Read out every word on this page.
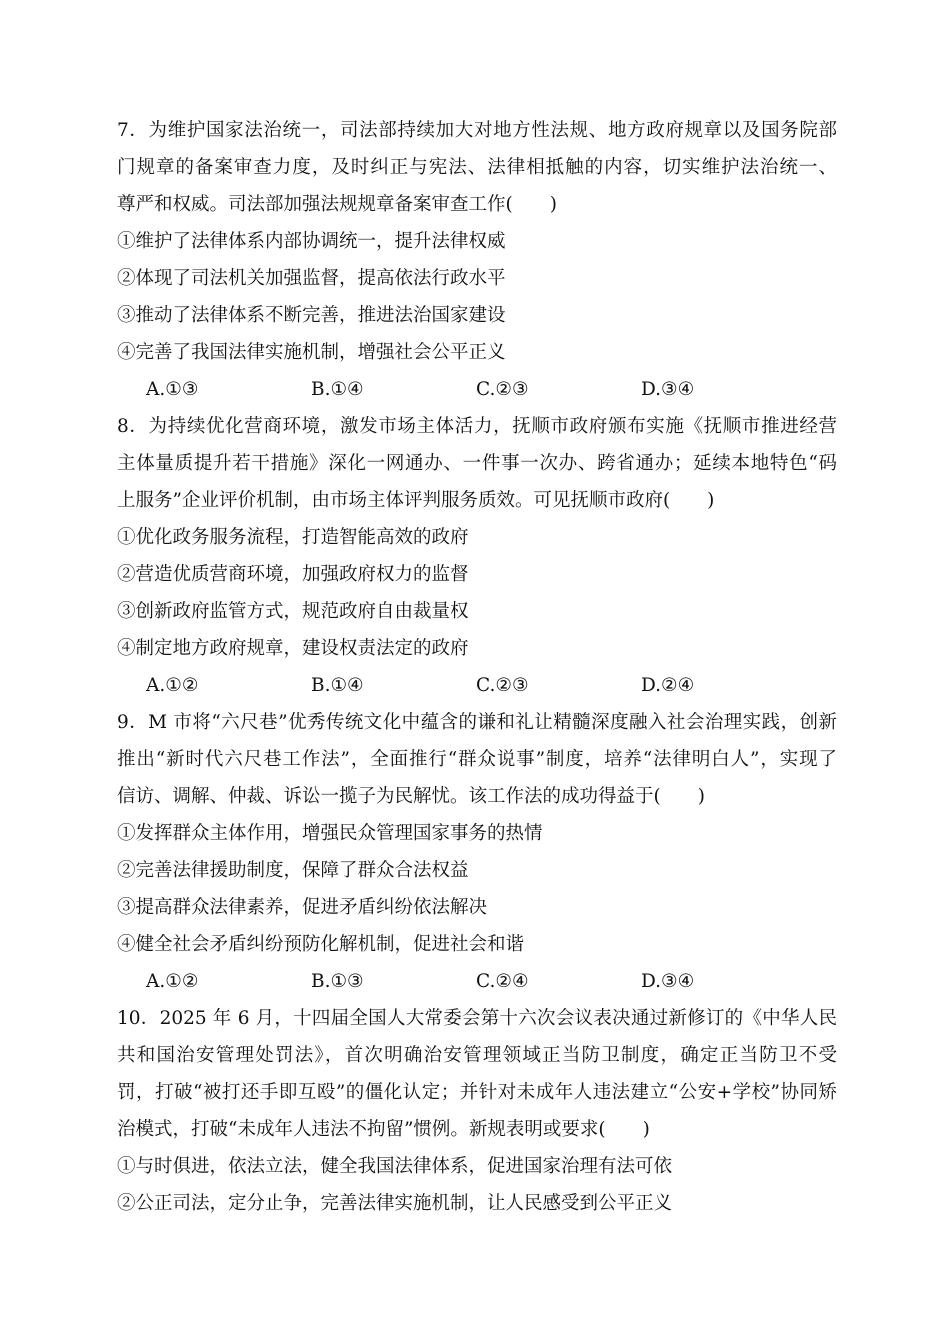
7．为维护国家法治统一，司法部持续加大对地方性法规、地方政府规章以及国务院部
门规章的备案审查力度，及时纠正与宪法、法律相抵触的内容，切实维护法治统一、
尊严和权威。司法部加强法规规章备案审查工作(　　)
①维护了法律体系内部协调统一，提升法律权威
②体现了司法机关加强监督，提高依法行政水平
③推动了法律体系不断完善，推进法治国家建设
④完善了我国法律实施机制，增强社会公平正义
A.①③	B.①④	C.②③	D.③④
8．为持续优化营商环境，激发市场主体活力，抚顺市政府颁布实施《抚顺市推进经营
主体量质提升若干措施》深化一网通办、一件事一次办、跨省通办；延续本地特色“码
上服务”企业评价机制，由市场主体评判服务质效。可见抚顺市政府(　　)
①优化政务服务流程，打造智能高效的政府
②营造优质营商环境，加强政府权力的监督
③创新政府监管方式，规范政府自由裁量权
④制定地方政府规章，建设权责法定的政府
A.①②	B.①④	C.②③	D.②④
9．M 市将“六尺巷”优秀传统文化中蕴含的谦和礼让精髓深度融入社会治理实践，创新
推出“新时代六尺巷工作法”，全面推行“群众说事”制度，培养“法律明白人”，实现了
信访、调解、仲裁、诉讼一揽子为民解忧。该工作法的成功得益于(　　)
①发挥群众主体作用，增强民众管理国家事务的热情
②完善法律援助制度，保障了群众合法权益
③提高群众法律素养，促进矛盾纠纷依法解决
④健全社会矛盾纠纷预防化解机制，促进社会和谐
A.①②	B.①③	C.②④	D.③④
10．2025 年 6 月，十四届全国人大常委会第十六次会议表决通过新修订的《中华人民
共和国治安管理处罚法》，首次明确治安管理领域正当防卫制度，确定正当防卫不受
罚，打破“被打还手即互殴”的僵化认定；并针对未成年人违法建立“公安+学校”协同矫
治模式，打破“未成年人违法不拘留”惯例。新规表明或要求(　　)
①与时俱进，依法立法，健全我国法律体系，促进国家治理有法可依
②公正司法，定分止争，完善法律实施机制，让人民感受到公平正义
